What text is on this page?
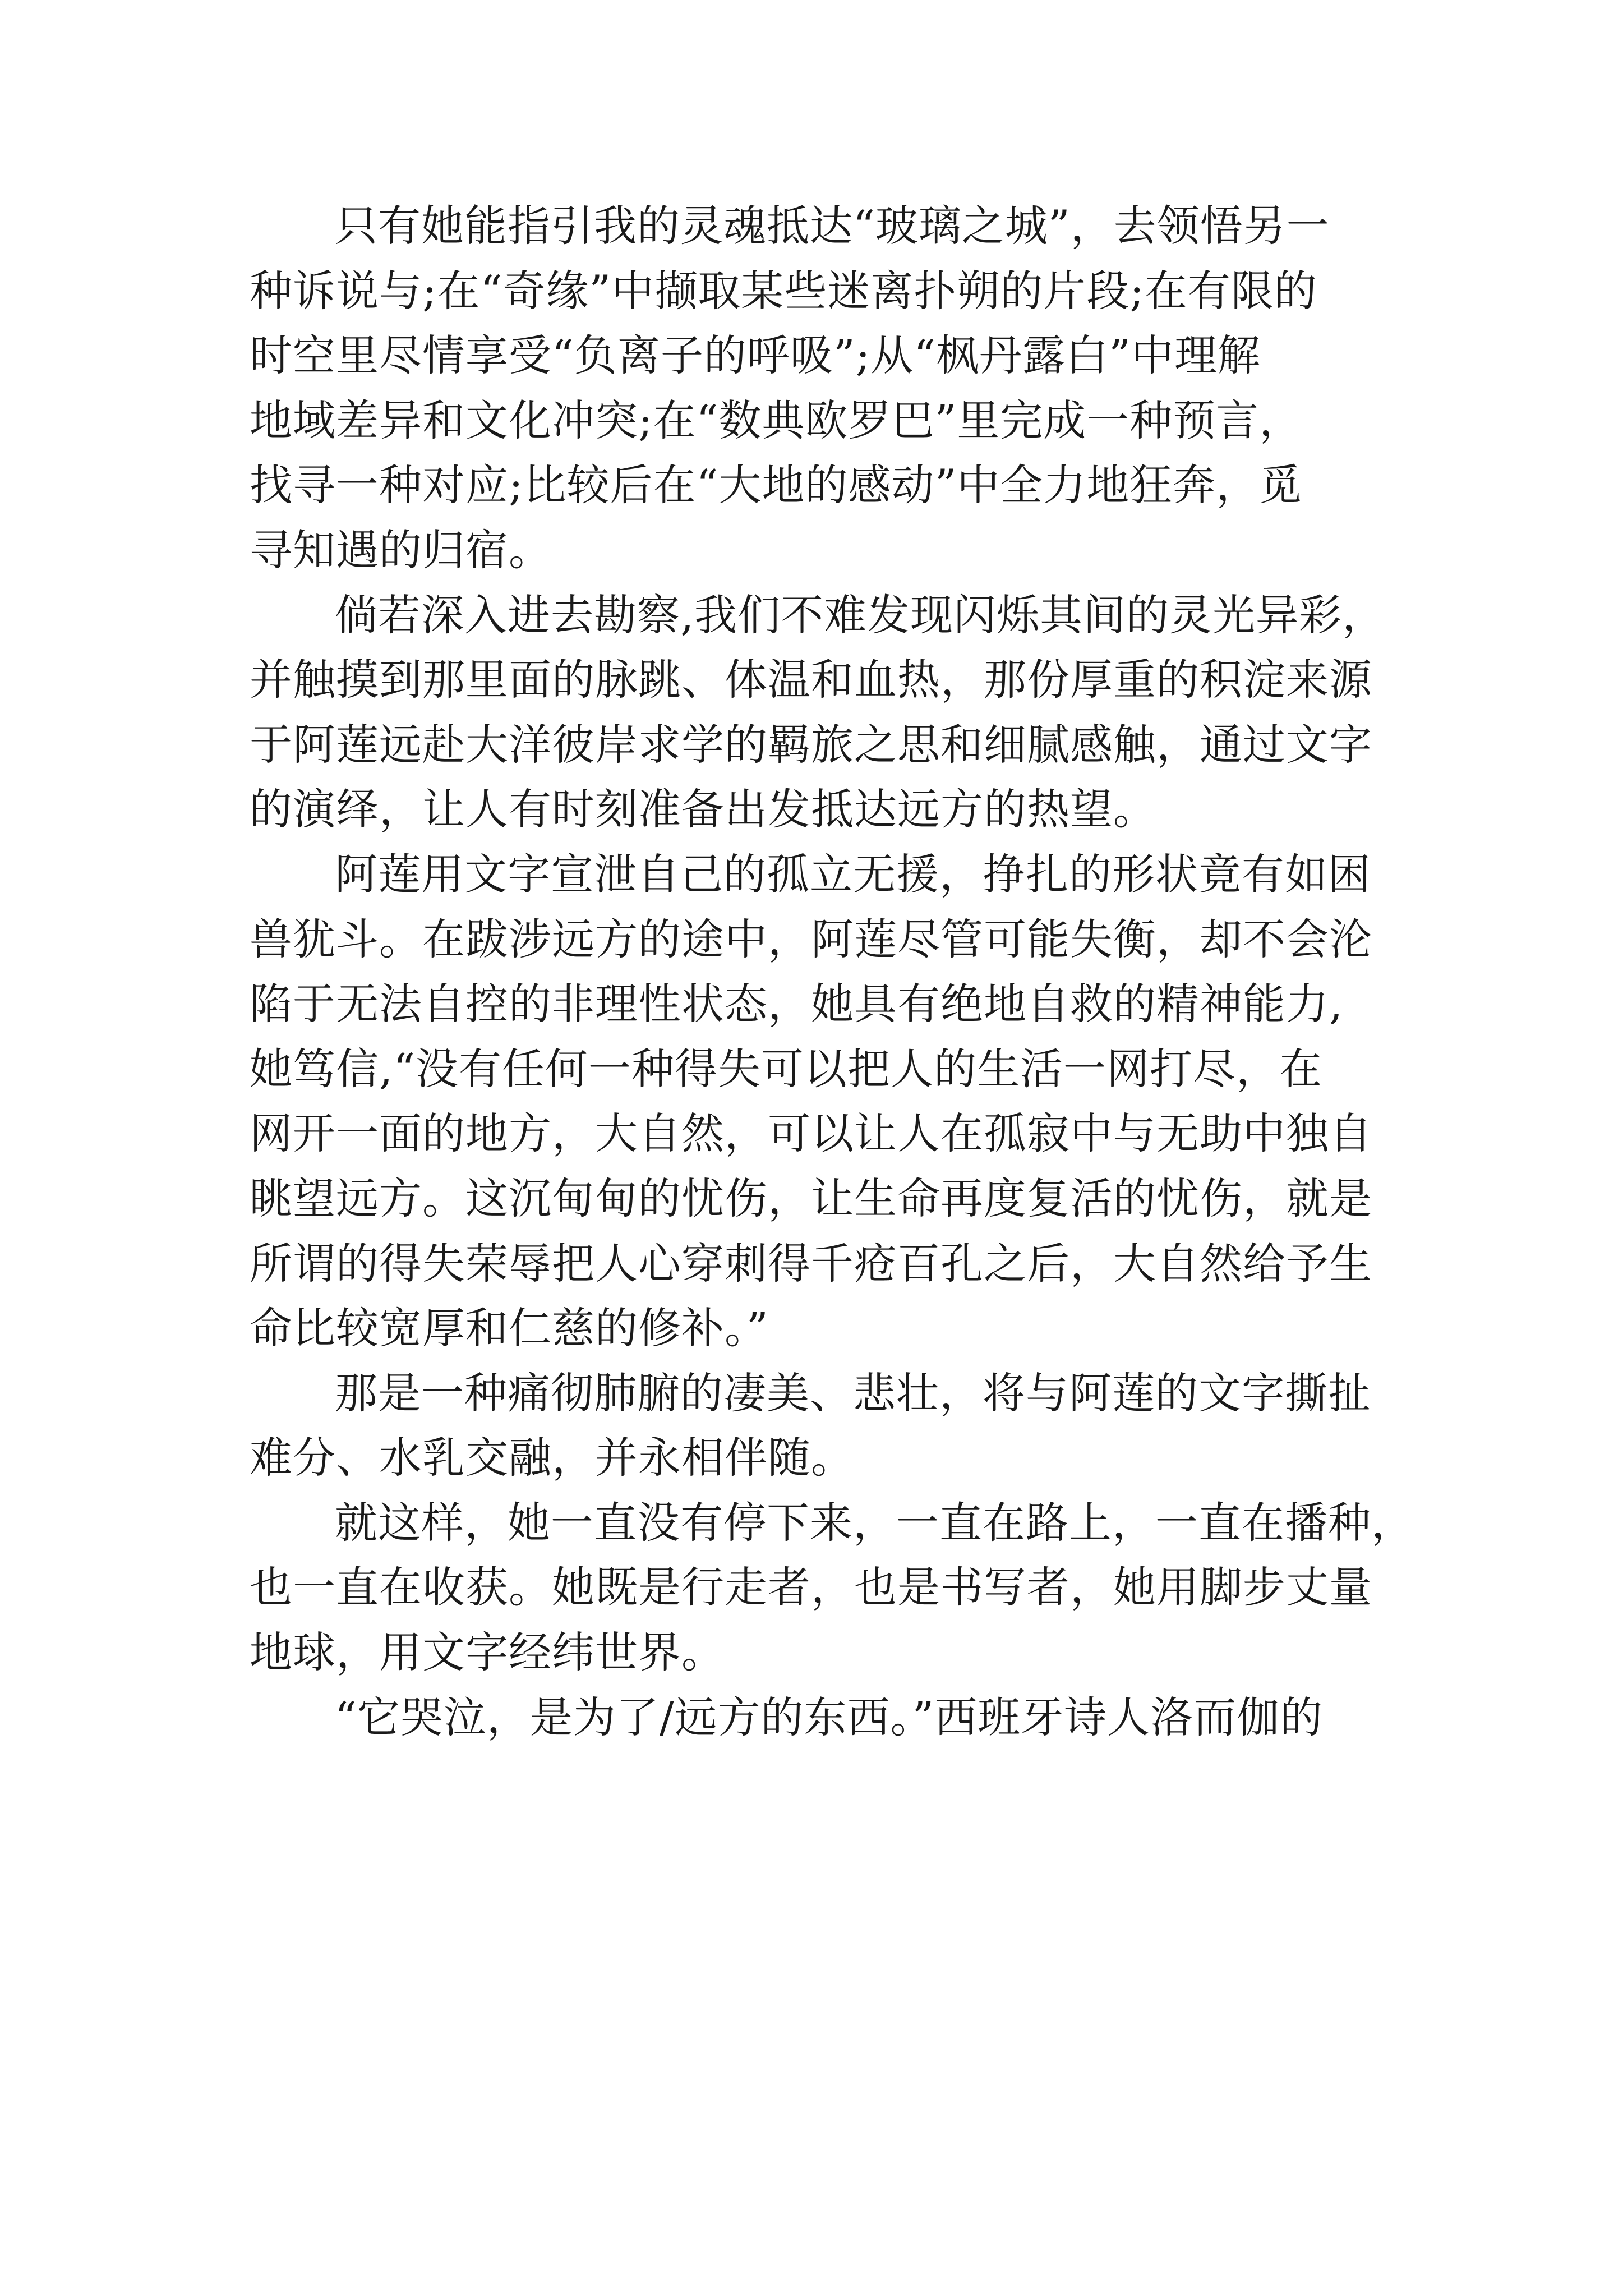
只有她能指引我的灵魂抵达“玻璃之城”，去领悟另一
种诉说与;在“奇缘”中撷取某些迷离扑朔的片段;在有限的
时空里尽情享受“负离子的呼吸”;从“枫丹露白”中理解
地域差异和文化冲突;在“数典欧罗巴”里完成一种预言，
找寻一种对应;比较后在“大地的感动”中全力地狂奔，觅
寻知遇的归宿。
倘若深入进去勘察,我们不难发现闪烁其间的灵光异彩，
并触摸到那里面的脉跳、体温和血热，那份厚重的积淀来源
于阿莲远赴大洋彼岸求学的羁旅之思和细腻感触，通过文字
的演绎，让人有时刻准备出发抵达远方的热望。
阿莲用文字宣泄自己的孤立无援，挣扎的形状竟有如困
兽犹斗。在跋涉远方的途中，阿莲尽管可能失衡，却不会沦
陷于无法自控的非理性状态，她具有绝地自救的精神能力,
她笃信,“没有任何一种得失可以把人的生活一网打尽，在
网开一面的地方，大自然，可以让人在孤寂中与无助中独自
眺望远方。这沉甸甸的忧伤，让生命再度复活的忧伤，就是
所谓的得失荣辱把人心穿刺得千疮百孔之后，大自然给予生
命比较宽厚和仁慈的修补。”
那是一种痛彻肺腑的凄美、悲壮，将与阿莲的文字撕扯
难分、水乳交融，并永相伴随。
就这样，她一直没有停下来，一直在路上，一直在播种，
也一直在收获。她既是行走者，也是书写者，她用脚步丈量
地球，用文字经纬世界。
“它哭泣，是为了/远方的东西。”西班牙诗人洛而伽的
